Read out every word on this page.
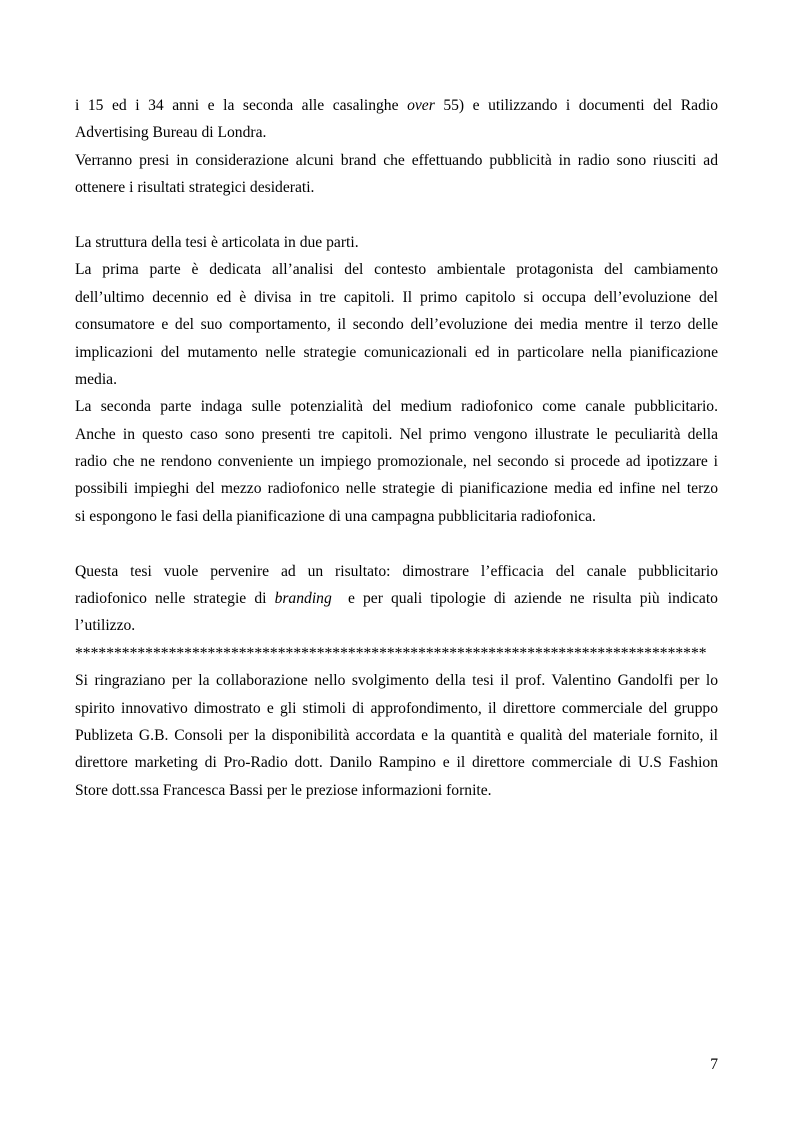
i 15 ed i 34 anni e la seconda alle casalinghe over 55) e utilizzando i documenti del Radio
Advertising Bureau di Londra.
Verranno presi in considerazione alcuni brand che effettuando pubblicità in radio sono riusciti ad
ottenere i risultati strategici desiderati.
La struttura della tesi è articolata in due parti.
La prima parte è dedicata all’analisi del contesto ambientale protagonista del cambiamento
dell’ultimo decennio ed è divisa in tre capitoli. Il primo capitolo si occupa dell’evoluzione del
consumatore e del suo comportamento, il secondo dell’evoluzione dei media mentre il terzo delle
implicazioni del mutamento nelle strategie comunicazionali ed in particolare nella pianificazione
media.
La seconda parte indaga sulle potenzialità del medium radiofonico come canale pubblicitario.
Anche in questo caso sono presenti tre capitoli. Nel primo vengono illustrate le peculiarità della
radio che ne rendono conveniente un impiego promozionale, nel secondo si procede ad ipotizzare i
possibili impieghi del mezzo radiofonico nelle strategie di pianificazione media ed infine nel terzo
si espongono le fasi della pianificazione di una campagna pubblicitaria radiofonica.
Questa tesi vuole pervenire ad un risultato: dimostrare l’efficacia del canale pubblicitario
radiofonico nelle strategie di branding  e per quali tipologie di aziende ne risulta più indicato
l’utilizzo.
*********************************************************************************
Si ringraziano per la collaborazione nello svolgimento della tesi il prof. Valentino Gandolfi per lo
spirito innovativo dimostrato e gli stimoli di approfondimento, il direttore commerciale del gruppo
Publizeta G.B. Consoli per la disponibilità accordata e la quantità e qualità del materiale fornito, il
direttore marketing di Pro-Radio dott. Danilo Rampino e il direttore commerciale di U.S Fashion
Store dott.ssa Francesca Bassi per le preziose informazioni fornite.
7
